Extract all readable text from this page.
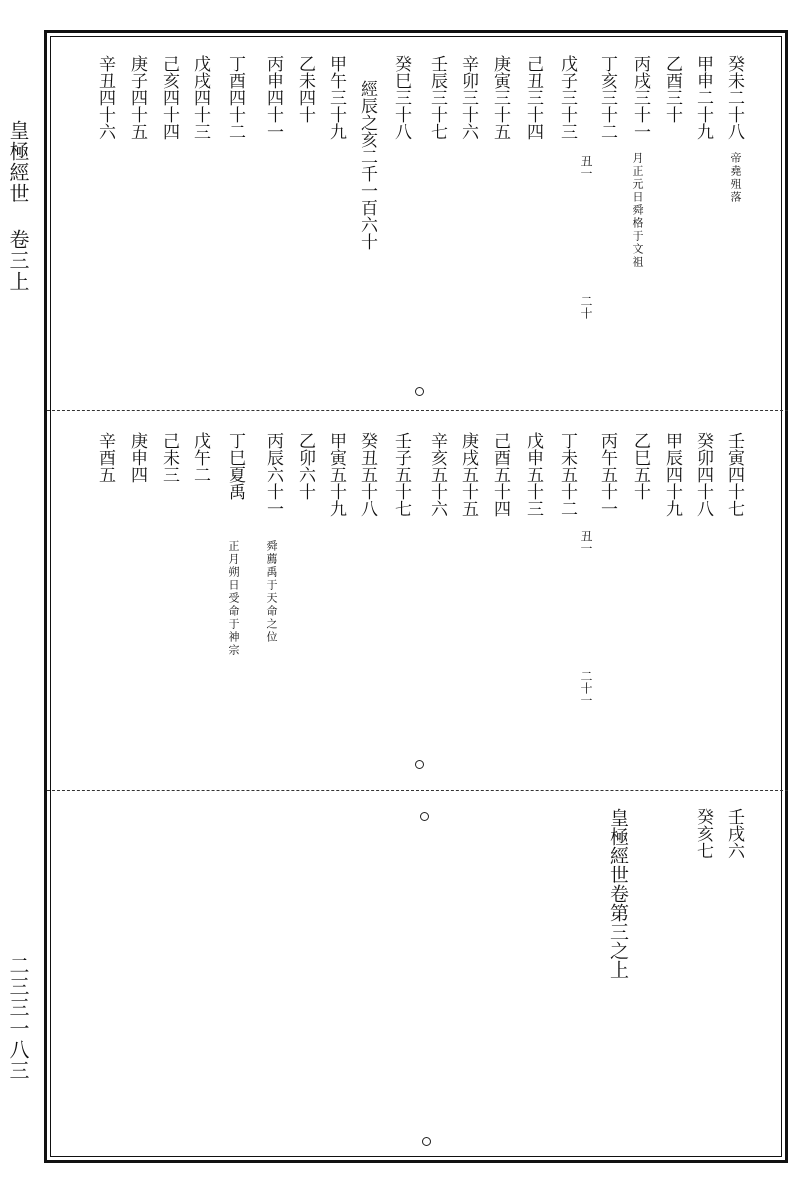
皇極經世 卷三上
二三三一八三
癸未二十八
帝堯殂落
甲申二十九
乙酉三十
丙戌三十一
月正元日舜格于文祖
丁亥三十二
丑一
二十
戊子三十三
己丑三十四
庚寅三十五
辛卯三十六
壬辰三十七
癸巳三十八
經辰之亥二千一百六十
甲午三十九
乙未四十
丙申四十一
丁酉四十二
戊戌四十三
己亥四十四
庚子四十五
辛丑四十六
壬寅四十七
癸卯四十八
甲辰四十九
乙巳五十
丙午五十一
丁未五十二
丑一
二十一
戊申五十三
己酉五十四
庚戌五十五
辛亥五十六
壬子五十七
癸丑五十八
甲寅五十九
乙卯六十
丙辰六十一
舜薦禹于天命之位
丁巳夏禹
正月朔日受命于神宗
戊午二
己未三
庚申四
辛酉五
壬戌六
癸亥七
皇極經世卷第三之上
